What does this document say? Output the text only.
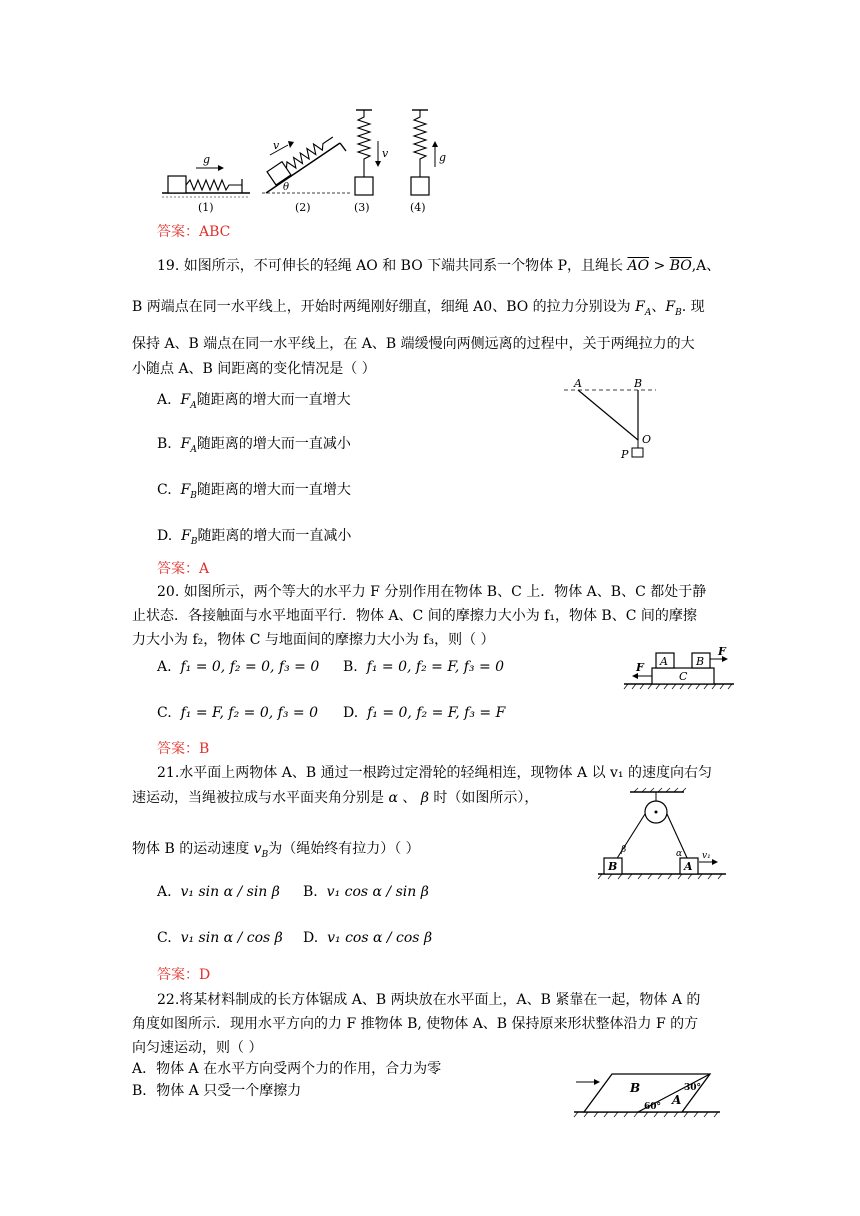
g
(1)
v
θ
(2)
v
(3)
g
(4)
答案：ABC
19. 如图所示，不可伸长的轻绳 AO 和 BO 下端共同系一个物体 P，且绳长 $\overline{AO} > \overline{BO},A$、
B 两端点在同一水平线上，开始时两绳刚好绷直，细绳 A0、BO 的拉力分别设为 $F_A$、$F_B$. 现
保持 A、B 端点在同一水平线上，在 A、B 端缓慢向两侧远离的过程中，关于两绳拉力的大
小随点 A、B 间距离的变化情况是（ ）
A. $F_A$随距离的增大而一直增大
B. $F_A$随距离的增大而一直减小
C. $F_B$随距离的增大而一直增大
D. $F_B$随距离的增大而一直减小
A	B
O
P
答案：A
20. 如图所示，两个等大的水平力 F 分别作用在物体 B、C 上．物体 A、B、C 都处于静
止状态．各接触面与水平地面平行．物体 A、C 间的摩擦力大小为 f₁，物体 B、C 间的摩擦
力大小为 f₂，物体 C 与地面间的摩擦力大小为 f₃，则（ ）
A. f₁ = 0, f₂ = 0, f₃ = 0 B. f₁ = 0, f₂ = F, f₃ = 0
C. f₁ = F, f₂ = 0, f₃ = 0 D. f₁ = 0, f₂ = F, f₃ = F
A	B
C
F
F
答案：B
21.水平面上两物体 A、B 通过一根跨过定滑轮的轻绳相连，现物体 A 以 v₁ 的速度向右匀
速运动，当绳被拉成与水平面夹角分别是 α 、 β 时（如图所示），
物体 B 的运动速度 $v_B$为（绳始终有拉力）（ ）
A. v₁ sin α / sin β B. v₁ cos α / sin β
C. v₁ sin α / cos β D. v₁ cos α / cos β
B	A
β	α v₁
答案：D
22.将某材料制成的长方体锯成 A、B 两块放在水平面上，A、B 紧靠在一起，物体 A 的
角度如图所示．现用水平方向的力 F 推物体 B, 使物体 A、B 保持原来形状整体沿力 F 的方
向匀速运动，则（ ）
A．物体 A 在水平方向受两个力的作用，合力为零
B．物体 A 只受一个摩擦力	B
A
30°
60°
